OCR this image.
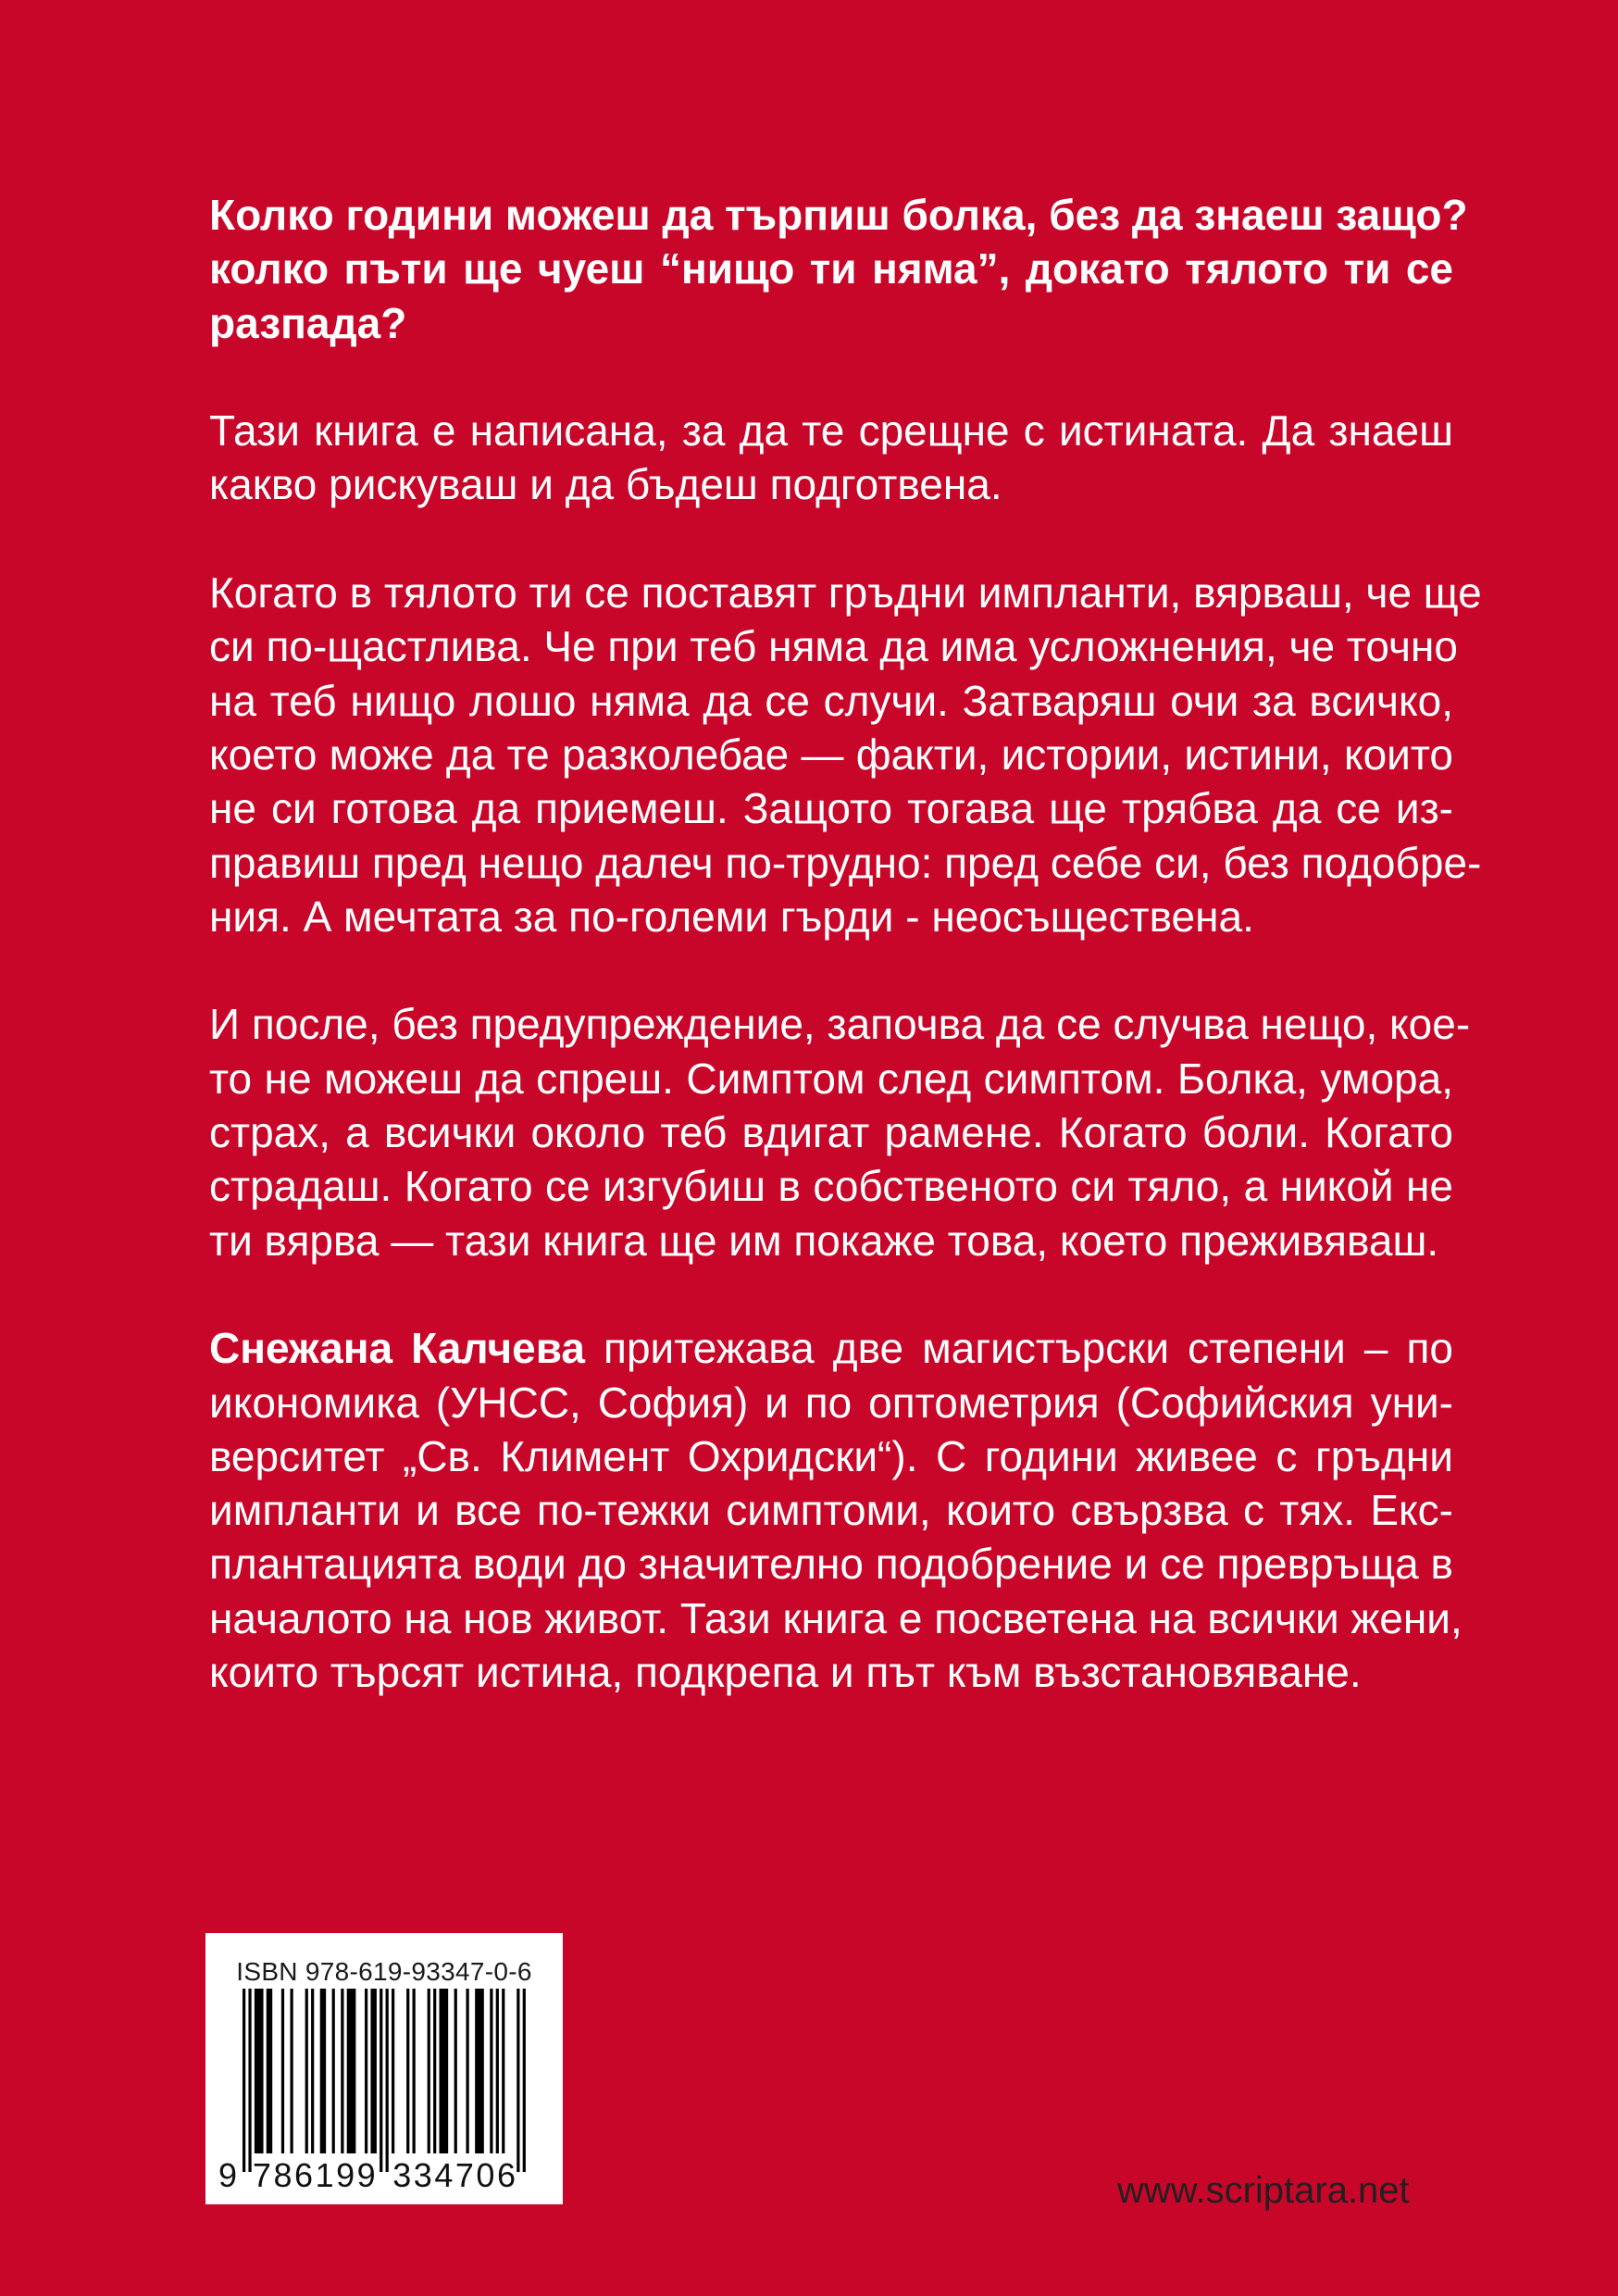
Колко години можеш да търпиш болка, без да знаеш защо?
колко пъти ще чуеш “нищо ти няма”, докато тялото ти се
разпада?

Тази книга е написана, за да те срещне с истината. Да знаеш
какво рискуваш и да бъдеш подготвена.

Когато в тялото ти се поставят гръдни импланти, вярваш, че ще
си по-щастлива. Че при теб няма да има усложнения, че точно
на теб нищо лошо няма да се случи. Затваряш очи за всичко,
което може да те разколебае — факти, истории, истини, които
не си готова да приемеш. Защото тогава ще трябва да се из-
правиш пред нещо далеч по-трудно: пред себе си, без подобре-
ния. А мечтата за по-големи гърди - неосъществена.

И после, без предупреждение, започва да се случва нещо, кое-
то не можеш да спреш. Симптом след симптом. Болка, умора,
страх, а всички около теб вдигат рамене. Когато боли. Когато
страдаш. Когато се изгубиш в собственото си тяло, а никой не
ти вярва — тази книга ще им покаже това, което преживяваш.

Снежана Калчева притежава две магистърски степени – по
икономика (УНСС, София) и по оптометрия (Софийския уни-
верситет „Св. Климент Охридски“). С години живее с гръдни
импланти и все по-тежки симптоми, които свързва с тях. Екс-
плантацията води до значително подобрение и се превръща в
началото на нов живот. Тази книга е посветена на всички жени,
които търсят истина, подкрепа и път към възстановяване.

ISBN 978-619-93347-0-6
9 7 8 6 1 9 9 3 3 4 7 0 6	www.scriptara.net
